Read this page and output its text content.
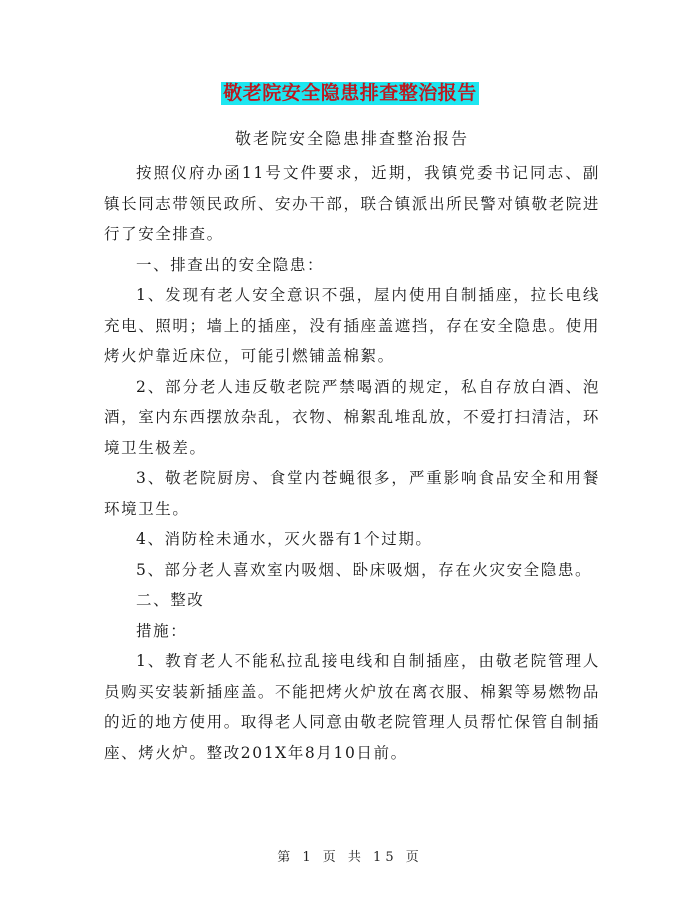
敬老院安全隐患排查整治报告
敬老院安全隐患排查整治报告

按照仪府办函11号文件要求，近期，我镇党委书记同志、副镇长同志带领民政所、安办干部，联合镇派出所民警对镇敬老院进行了安全排查。

一、排查出的安全隐患：

1、发现有老人安全意识不强，屋内使用自制插座，拉长电线充电、照明；墙上的插座，没有插座盖遮挡，存在安全隐患。使用烤火炉靠近床位，可能引燃铺盖棉絮。

2、部分老人违反敬老院严禁喝酒的规定，私自存放白酒、泡酒，室内东西摆放杂乱，衣物、棉絮乱堆乱放，不爱打扫清洁，环境卫生极差。

3、敬老院厨房、食堂内苍蝇很多，严重影响食品安全和用餐环境卫生。

4、消防栓未通水，灭火器有1个过期。

5、部分老人喜欢室内吸烟、卧床吸烟，存在火灾安全隐患。

二、整改

措施：

1、教育老人不能私拉乱接电线和自制插座，由敬老院管理人员购买安装新插座盖。不能把烤火炉放在离衣服、棉絮等易燃物品的近的地方使用。取得老人同意由敬老院管理人员帮忙保管自制插座、烤火炉。整改201X年8月10日前。

第 1 页 共 15 页
